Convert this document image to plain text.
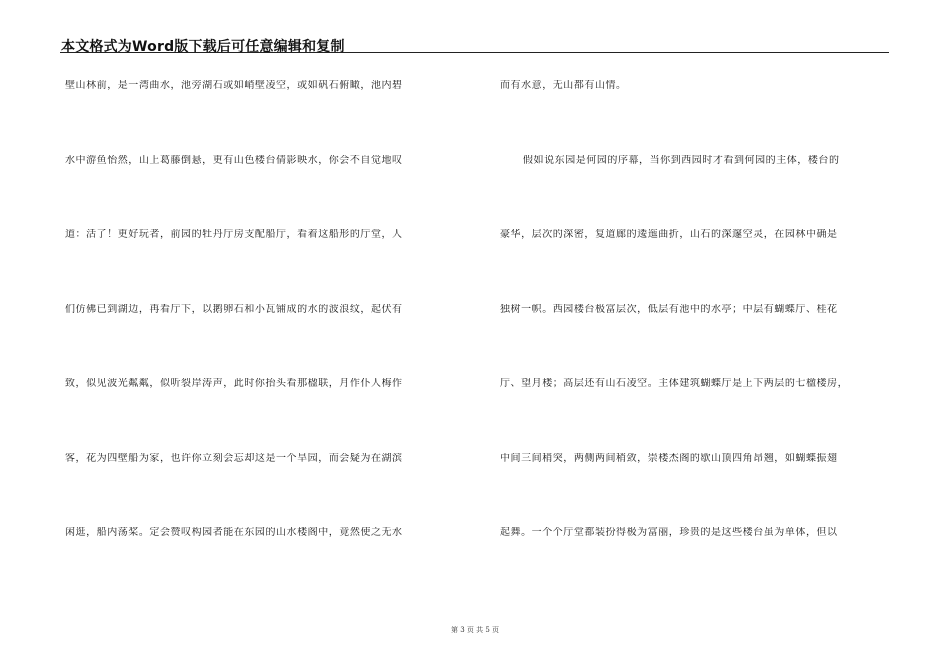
本文格式为Word版下载后可任意编辑和复制
壁山林前，是一湾曲水，池旁湖石或如峭壁凌空，或如矾石俯瞰，池内碧
水中游鱼怡然，山上葛藤倒悬，更有山色楼台倩影映水，你会不自觉地叹
道：活了！更好玩者，前园的牡丹厅房支配船厅，看着这船形的厅堂，人
们仿佛已到湖边，再看厅下，以鹅卵石和小瓦铺成的水的波浪纹，起伏有
致，似见波光粼粼，似听裂岸涛声，此时你抬头看那楹联，月作仆人梅作
客，花为四壁船为家，也许你立刻会忘却这是一个旱园，而会疑为在湖滨
闲逛，船内荡桨。定会赞叹构园者能在东园的山水楼阁中，竟然使之无水
而有水意，无山都有山情。
假如说东园是何园的序幕，当你到西园时才看到何园的主体，楼台的
豪华，层次的深密，复道廊的逶迤曲折，山石的深邃空灵，在园林中确是
独树一帜。西园楼台极富层次，低层有池中的水亭；中层有蝴蝶厅、桂花
厅、望月楼；高层还有山石凌空。主体建筑蝴蝶厅是上下两层的七楹楼房，
中间三间稍突，两侧两间稍敛，崇楼杰阁的歇山顶四角昂翘，如蝴蝶振翅
起舞。一个个厅堂都装扮得极为富丽，珍贵的是这些楼台虽为单体，但以
第 3 页 共 5 页
